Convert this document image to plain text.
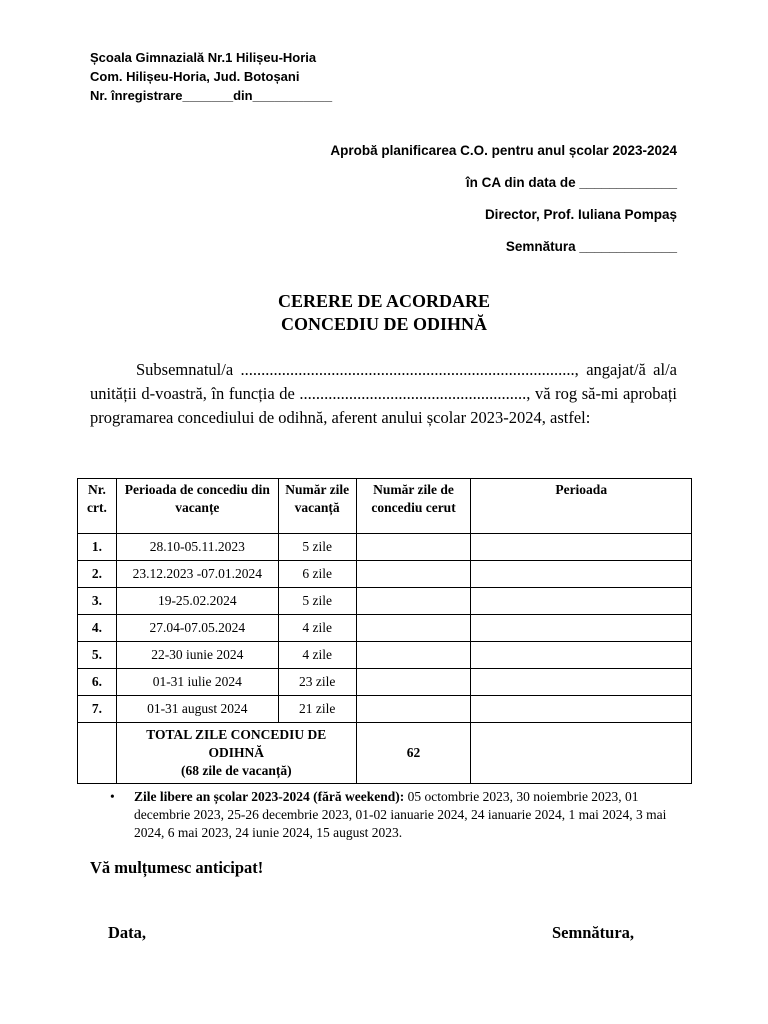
Școala Gimnazială Nr.1 Hilișeu-Horia
Com. Hilișeu-Horia, Jud. Botoșani
Nr. înregistrare_______din___________
Aprobă planificarea C.O. pentru anul școlar 2023-2024
în CA din data de _____________
Director, Prof. Iuliana Pompaș
Semnătura _____________
CERERE DE ACORDARE
CONCEDIU DE ODIHNĂ
Subsemnatul/a ................................................................................., angajat/ă al/a unității d-voastră, în funcția de ......................................................., vă rog să-mi aprobați programarea concediului de odihnă, aferent anului școlar 2023-2024, astfel:
Nr. crt.	Perioada de concediu din vacanțe	Număr zile vacanță	Număr zile de concediu cerut	Perioada
1.	28.10-05.11.2023	5 zile		
2.	23.12.2023 -07.01.2024	6 zile		
3.	19-25.02.2024	5 zile		
4.	27.04-07.05.2024	4 zile		
5.	22-30 iunie 2024	4 zile		
6.	01-31 iulie 2024	23 zile		
7.	01-31 august 2024	21 zile		

	TOTAL ZILE CONCEDIU DE
ODIHNĂ
(68 zile de vacanță)		62	
•	Zile libere an școlar 2023-2024 (fără weekend): 05 octombrie 2023, 30 noiembrie 2023, 01 decembrie 2023, 25-26 decembrie 2023, 01-02 ianuarie 2024, 24 ianuarie 2024, 1 mai 2024, 3 mai 2024, 6 mai 2023, 24 iunie 2024, 15 august 2023.
Vă mulțumesc anticipat!
Data,	Semnătura,
